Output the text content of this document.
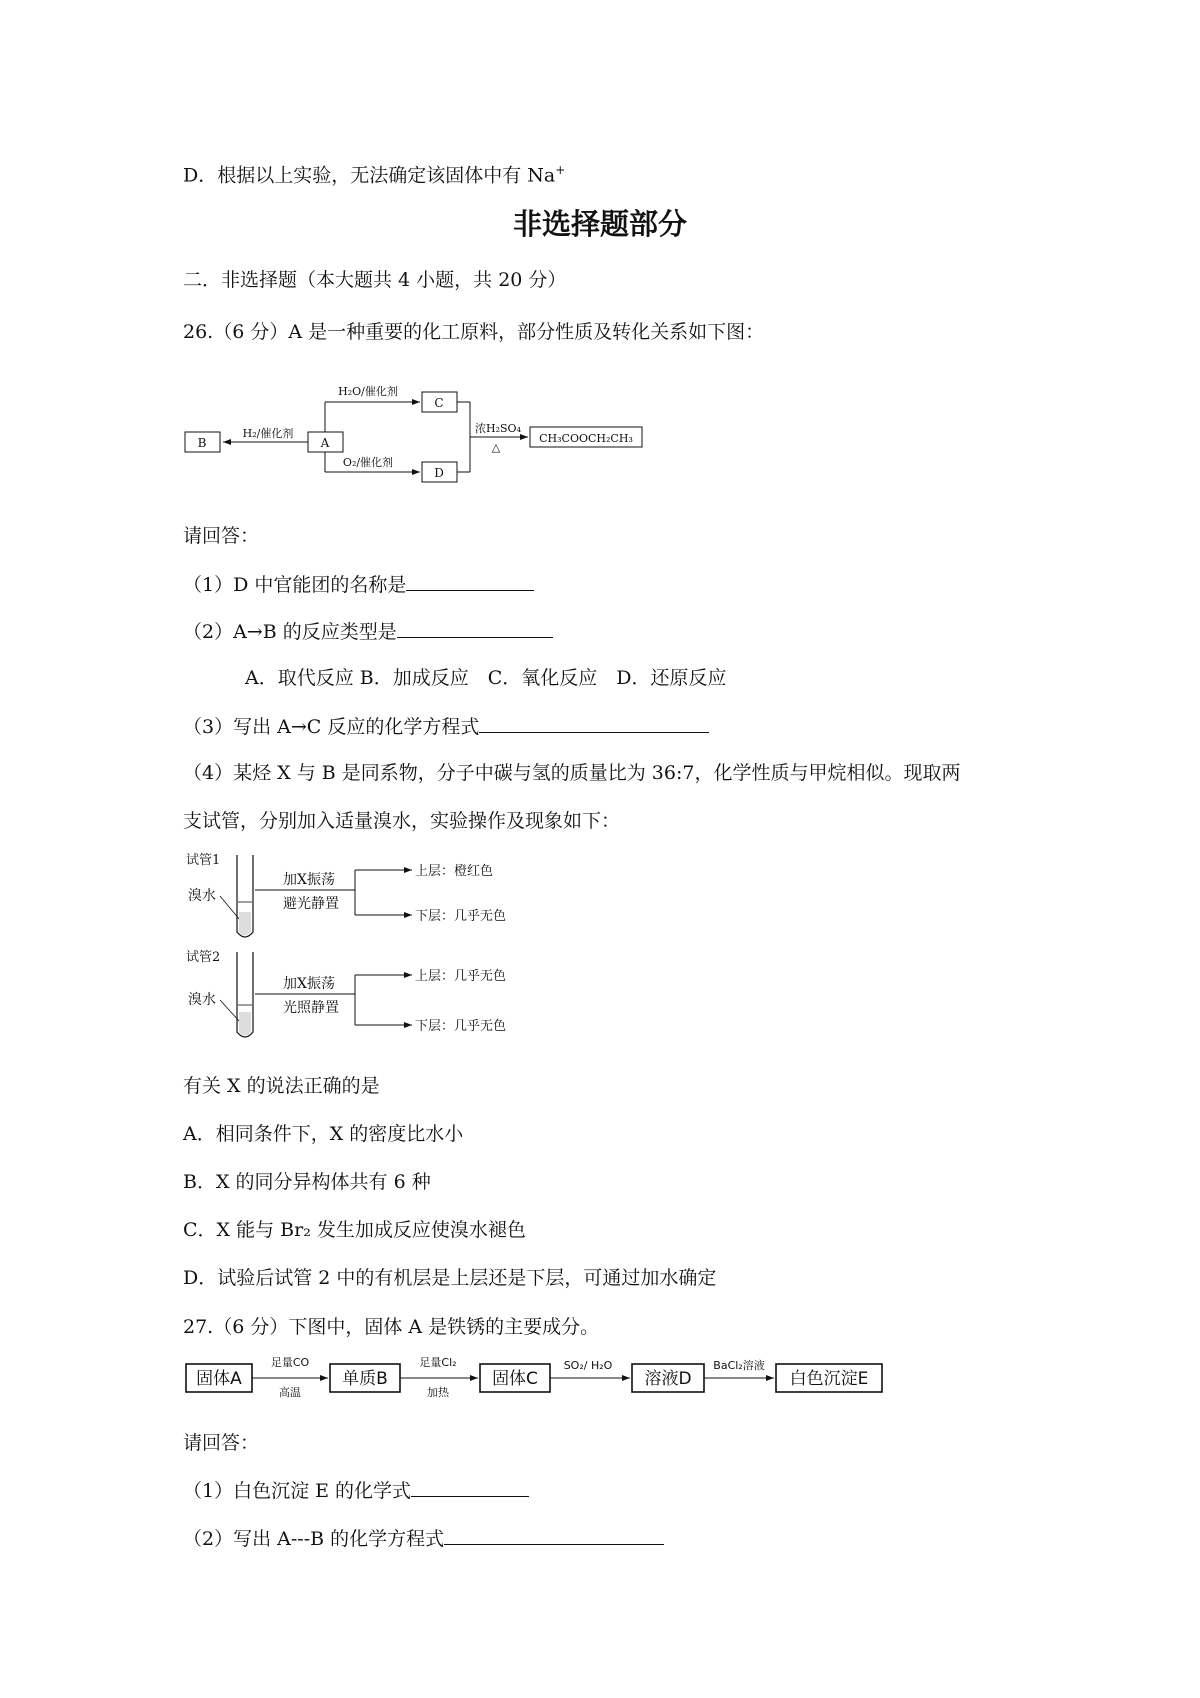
D．根据以上实验，无法确定该固体中有 Na+
非选择题部分
二．非选择题（本大题共 4 小题，共 20 分）
26.（6 分）A 是一种重要的化工原料，部分性质及转化关系如下图：
B
H₂/催化剂
A
H₂O/催化剂
O₂/催化剂
C
D
浓H₂SO₄
△
CH₃COOCH₂CH₃
请回答：
（1）D 中官能团的名称是
（2）A→B 的反应类型是
A．取代反应 B．加成反应　C．氧化反应　D．还原反应
（3）写出 A→C 反应的化学方程式
（4）某烃 X 与 B 是同系物，分子中碳与氢的质量比为 36:7，化学性质与甲烷相似。现取两
支试管，分别加入适量溴水，实验操作及现象如下：
试管1
溴水
加X振荡
避光静置
上层：橙红色
下层：几乎无色
试管2
溴水
加X振荡
光照静置
上层：几乎无色
下层：几乎无色
有关 X 的说法正确的是
A．相同条件下，X 的密度比水小
B．X 的同分异构体共有 6 种
C．X 能与 Br₂ 发生加成反应使溴水褪色
D．试验后试管 2 中的有机层是上层还是下层，可通过加水确定
27.（6 分）下图中，固体 A 是铁锈的主要成分。
固体A
足量CO
高温
单质B
足量Cl₂
加热
固体C
SO₂/ H₂O
溶液D
BaCl₂溶液
白色沉淀E
请回答：
（1）白色沉淀 E 的化学式
（2）写出 A---B 的化学方程式
